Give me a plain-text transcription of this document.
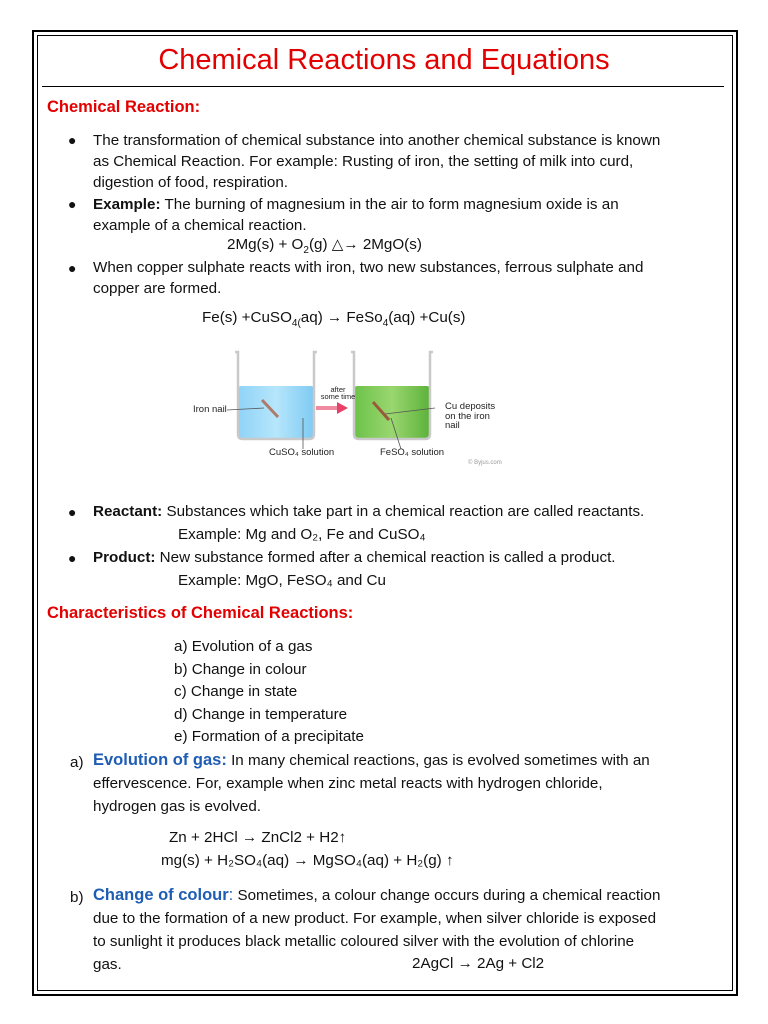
Chemical Reactions and Equations
Chemical Reaction:
● The transformation of chemical substance into another chemical substance is known
as Chemical Reaction. For example: Rusting of iron, the setting of milk into curd,
digestion of food, respiration.
● Example: The burning of magnesium in the air to form magnesium oxide is an
example of a chemical reaction.
$2Mg(s) + O_2(g)$ △→ 2MgO(s)
● When copper sulphate reacts with iron, two new substances, ferrous sulphate and
copper are formed.
Fe(s) +CuSO$_{4(}$aq) → FeSo$_4$(aq) +Cu(s)
Iron nail
after
some time
Cu deposits
on the iron
nail
CuSO₄ solution	FeSO₄ solution
© Byjus.com
● Reactant: Substances which take part in a chemical reaction are called reactants.
Example: Mg and O₂, Fe and CuSO₄
● Product: New substance formed after a chemical reaction is called a product.
Example: MgO, FeSO₄ and Cu
Characteristics of Chemical Reactions:
a) Evolution of a gas
b) Change in colour
c) Change in state
d) Change in temperature
e) Formation of a precipitate
a) Evolution of gas: In many chemical reactions, gas is evolved sometimes with an
effervescence. For, example when zinc metal reacts with hydrogen chloride,
hydrogen gas is evolved.
Zn + 2HCl → ZnCl2 + H2↑
mg(s) + H₂SO₄(aq) → MgSO₄(aq) + H₂(g) ↑
b) Change of colour: Sometimes, a colour change occurs during a chemical reaction
due to the formation of a new product. For example, when silver chloride is exposed
to sunlight it produces black metallic coloured silver with the evolution of chlorine
gas.	2AgCl → 2Ag + Cl2
